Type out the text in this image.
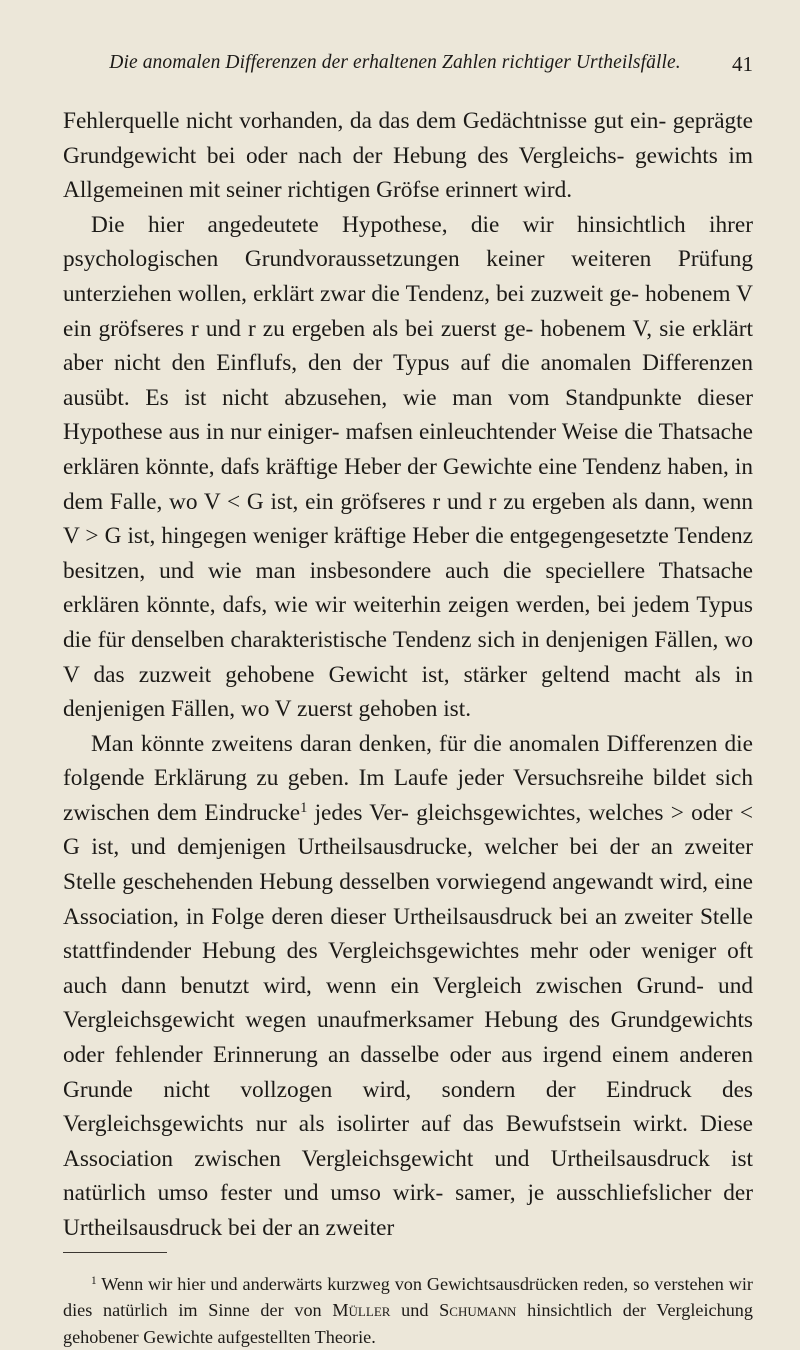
Die anomalen Differenzen der erhaltenen Zahlen richtiger Urtheilsfälle. 41

Fehlerquelle nicht vorhanden, da das dem Gedächtnisse gut ein- geprägte Grundgewicht bei oder nach der Hebung des Vergleichs- gewichts im Allgemeinen mit seiner richtigen Gröfse erinnert wird.

Die hier angedeutete Hypothese, die wir hinsichtlich ihrer psychologischen Grundvoraussetzungen keiner weiteren Prüfung unterziehen wollen, erklärt zwar die Tendenz, bei zuzweit ge- hobenem V ein gröfseres r und r zu ergeben als bei zuerst ge- hobenem V, sie erklärt aber nicht den Einflufs, den der Typus auf die anomalen Differenzen ausübt. Es ist nicht abzusehen, wie man vom Standpunkte dieser Hypothese aus in nur einiger- mafsen einleuchtender Weise die Thatsache erklären könnte, dafs kräftige Heber der Gewichte eine Tendenz haben, in dem Falle, wo V < G ist, ein gröfseres r und r zu ergeben als dann, wenn V > G ist, hingegen weniger kräftige Heber die entgegengesetzte Tendenz besitzen, und wie man insbesondere auch die speciellere Thatsache erklären könnte, dafs, wie wir weiterhin zeigen werden, bei jedem Typus die für denselben charakteristische Tendenz sich in denjenigen Fällen, wo V das zuzweit gehobene Gewicht ist, stärker geltend macht als in denjenigen Fällen, wo V zuerst gehoben ist.

Man könnte zweitens daran denken, für die anomalen Differenzen die folgende Erklärung zu geben. Im Laufe jeder Versuchsreihe bildet sich zwischen dem Eindrucke$^1$ jedes Ver- gleichsgewichtes, welches > oder < G ist, und demjenigen Urtheilsausdrucke, welcher bei der an zweiter Stelle geschehenden Hebung desselben vorwiegend angewandt wird, eine Association, in Folge deren dieser Urtheilsausdruck bei an zweiter Stelle stattfindender Hebung des Vergleichsgewichtes mehr oder weniger oft auch dann benutzt wird, wenn ein Vergleich zwischen Grund- und Vergleichsgewicht wegen unaufmerksamer Hebung des Grundgewichts oder fehlender Erinnerung an dasselbe oder aus irgend einem anderen Grunde nicht vollzogen wird, sondern der Eindruck des Vergleichsgewichts nur als isolirter auf das Bewufstsein wirkt. Diese Association zwischen Vergleichsgewicht und Urtheilsausdruck ist natürlich umso fester und umso wirk- samer, je ausschliefslicher der Urtheilsausdruck bei der an zweiter

$^1$ Wenn wir hier und anderwärts kurzweg von Gewichtsausdrücken reden, so verstehen wir dies natürlich im Sinne der von Müller und Schumann hinsichtlich der Vergleichung gehobener Gewichte aufgestellten Theorie.
